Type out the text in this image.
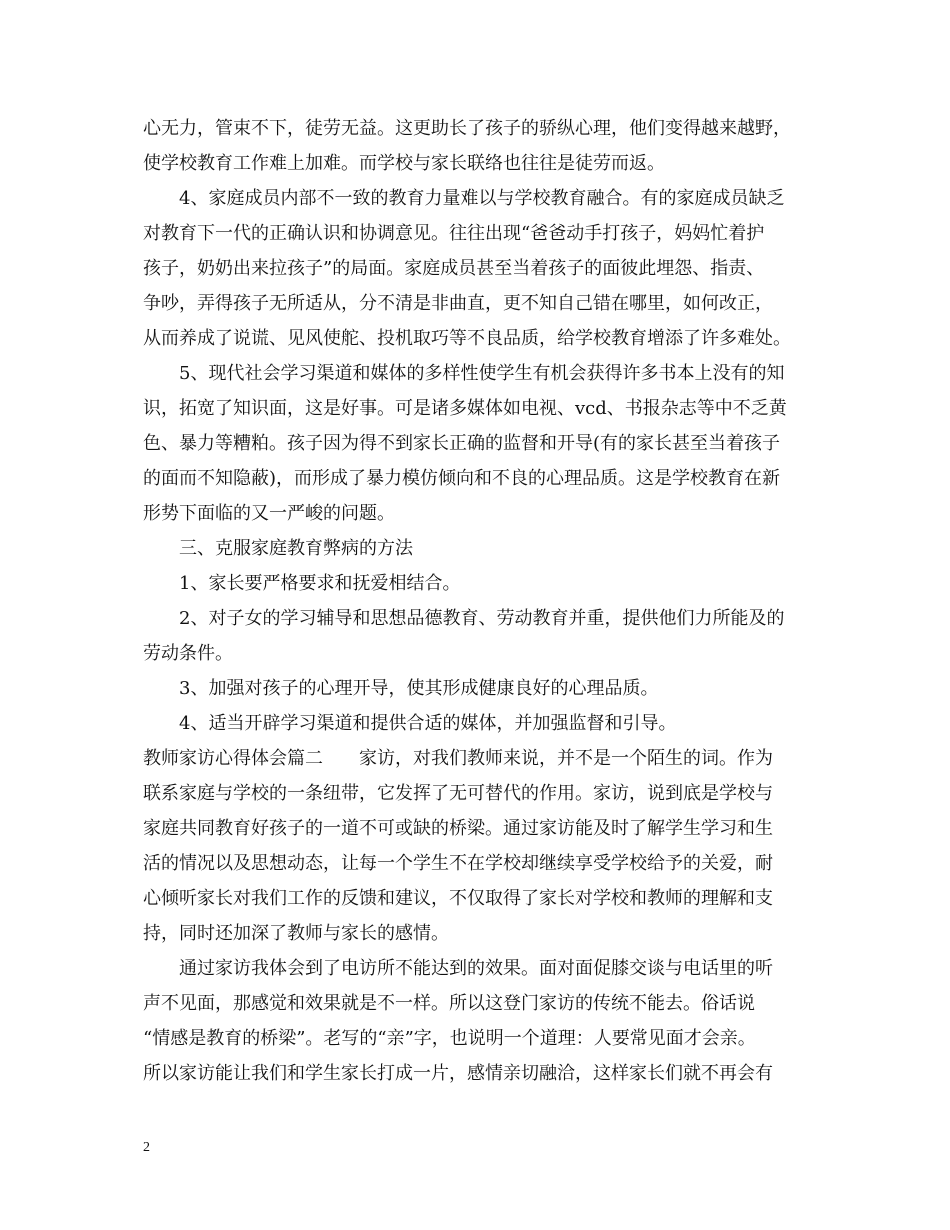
心无力，管束不下，徒劳无益。这更助长了孩子的骄纵心理，他们变得越来越野，
使学校教育工作难上加难。而学校与家长联络也往往是徒劳而返。
4、家庭成员内部不一致的教育力量难以与学校教育融合。有的家庭成员缺乏
对教育下一代的正确认识和协调意见。往往出现“爸爸动手打孩子，妈妈忙着护
孩子，奶奶出来拉孩子”的局面。家庭成员甚至当着孩子的面彼此埋怨、指责、
争吵，弄得孩子无所适从，分不清是非曲直，更不知自己错在哪里，如何改正，
从而养成了说谎、见风使舵、投机取巧等不良品质，给学校教育增添了许多难处。
5、现代社会学习渠道和媒体的多样性使学生有机会获得许多书本上没有的知
识，拓宽了知识面，这是好事。可是诸多媒体如电视、vcd、书报杂志等中不乏黄
色、暴力等糟粕。孩子因为得不到家长正确的监督和开导(有的家长甚至当着孩子
的面而不知隐蔽)，而形成了暴力模仿倾向和不良的心理品质。这是学校教育在新
形势下面临的又一严峻的问题。
三、克服家庭教育弊病的方法
1、家长要严格要求和抚爱相结合。
2、对子女的学习辅导和思想品德教育、劳动教育并重，提供他们力所能及的
劳动条件。
3、加强对孩子的心理开导，使其形成健康良好的心理品质。
4、适当开辟学习渠道和提供合适的媒体，并加强监督和引导。
教师家访心得体会篇二　　家访，对我们教师来说，并不是一个陌生的词。作为
联系家庭与学校的一条纽带，它发挥了无可替代的作用。家访，说到底是学校与
家庭共同教育好孩子的一道不可或缺的桥梁。通过家访能及时了解学生学习和生
活的情况以及思想动态，让每一个学生不在学校却继续享受学校给予的关爱，耐
心倾听家长对我们工作的反馈和建议，不仅取得了家长对学校和教师的理解和支
持，同时还加深了教师与家长的感情。
通过家访我体会到了电访所不能达到的效果。面对面促膝交谈与电话里的听
声不见面，那感觉和效果就是不一样。所以这登门家访的传统不能去。俗话说
“情感是教育的桥梁”。老写的“亲”字，也说明一个道理：人要常见面才会亲。
所以家访能让我们和学生家长打成一片，感情亲切融洽，这样家长们就不再会有
2
